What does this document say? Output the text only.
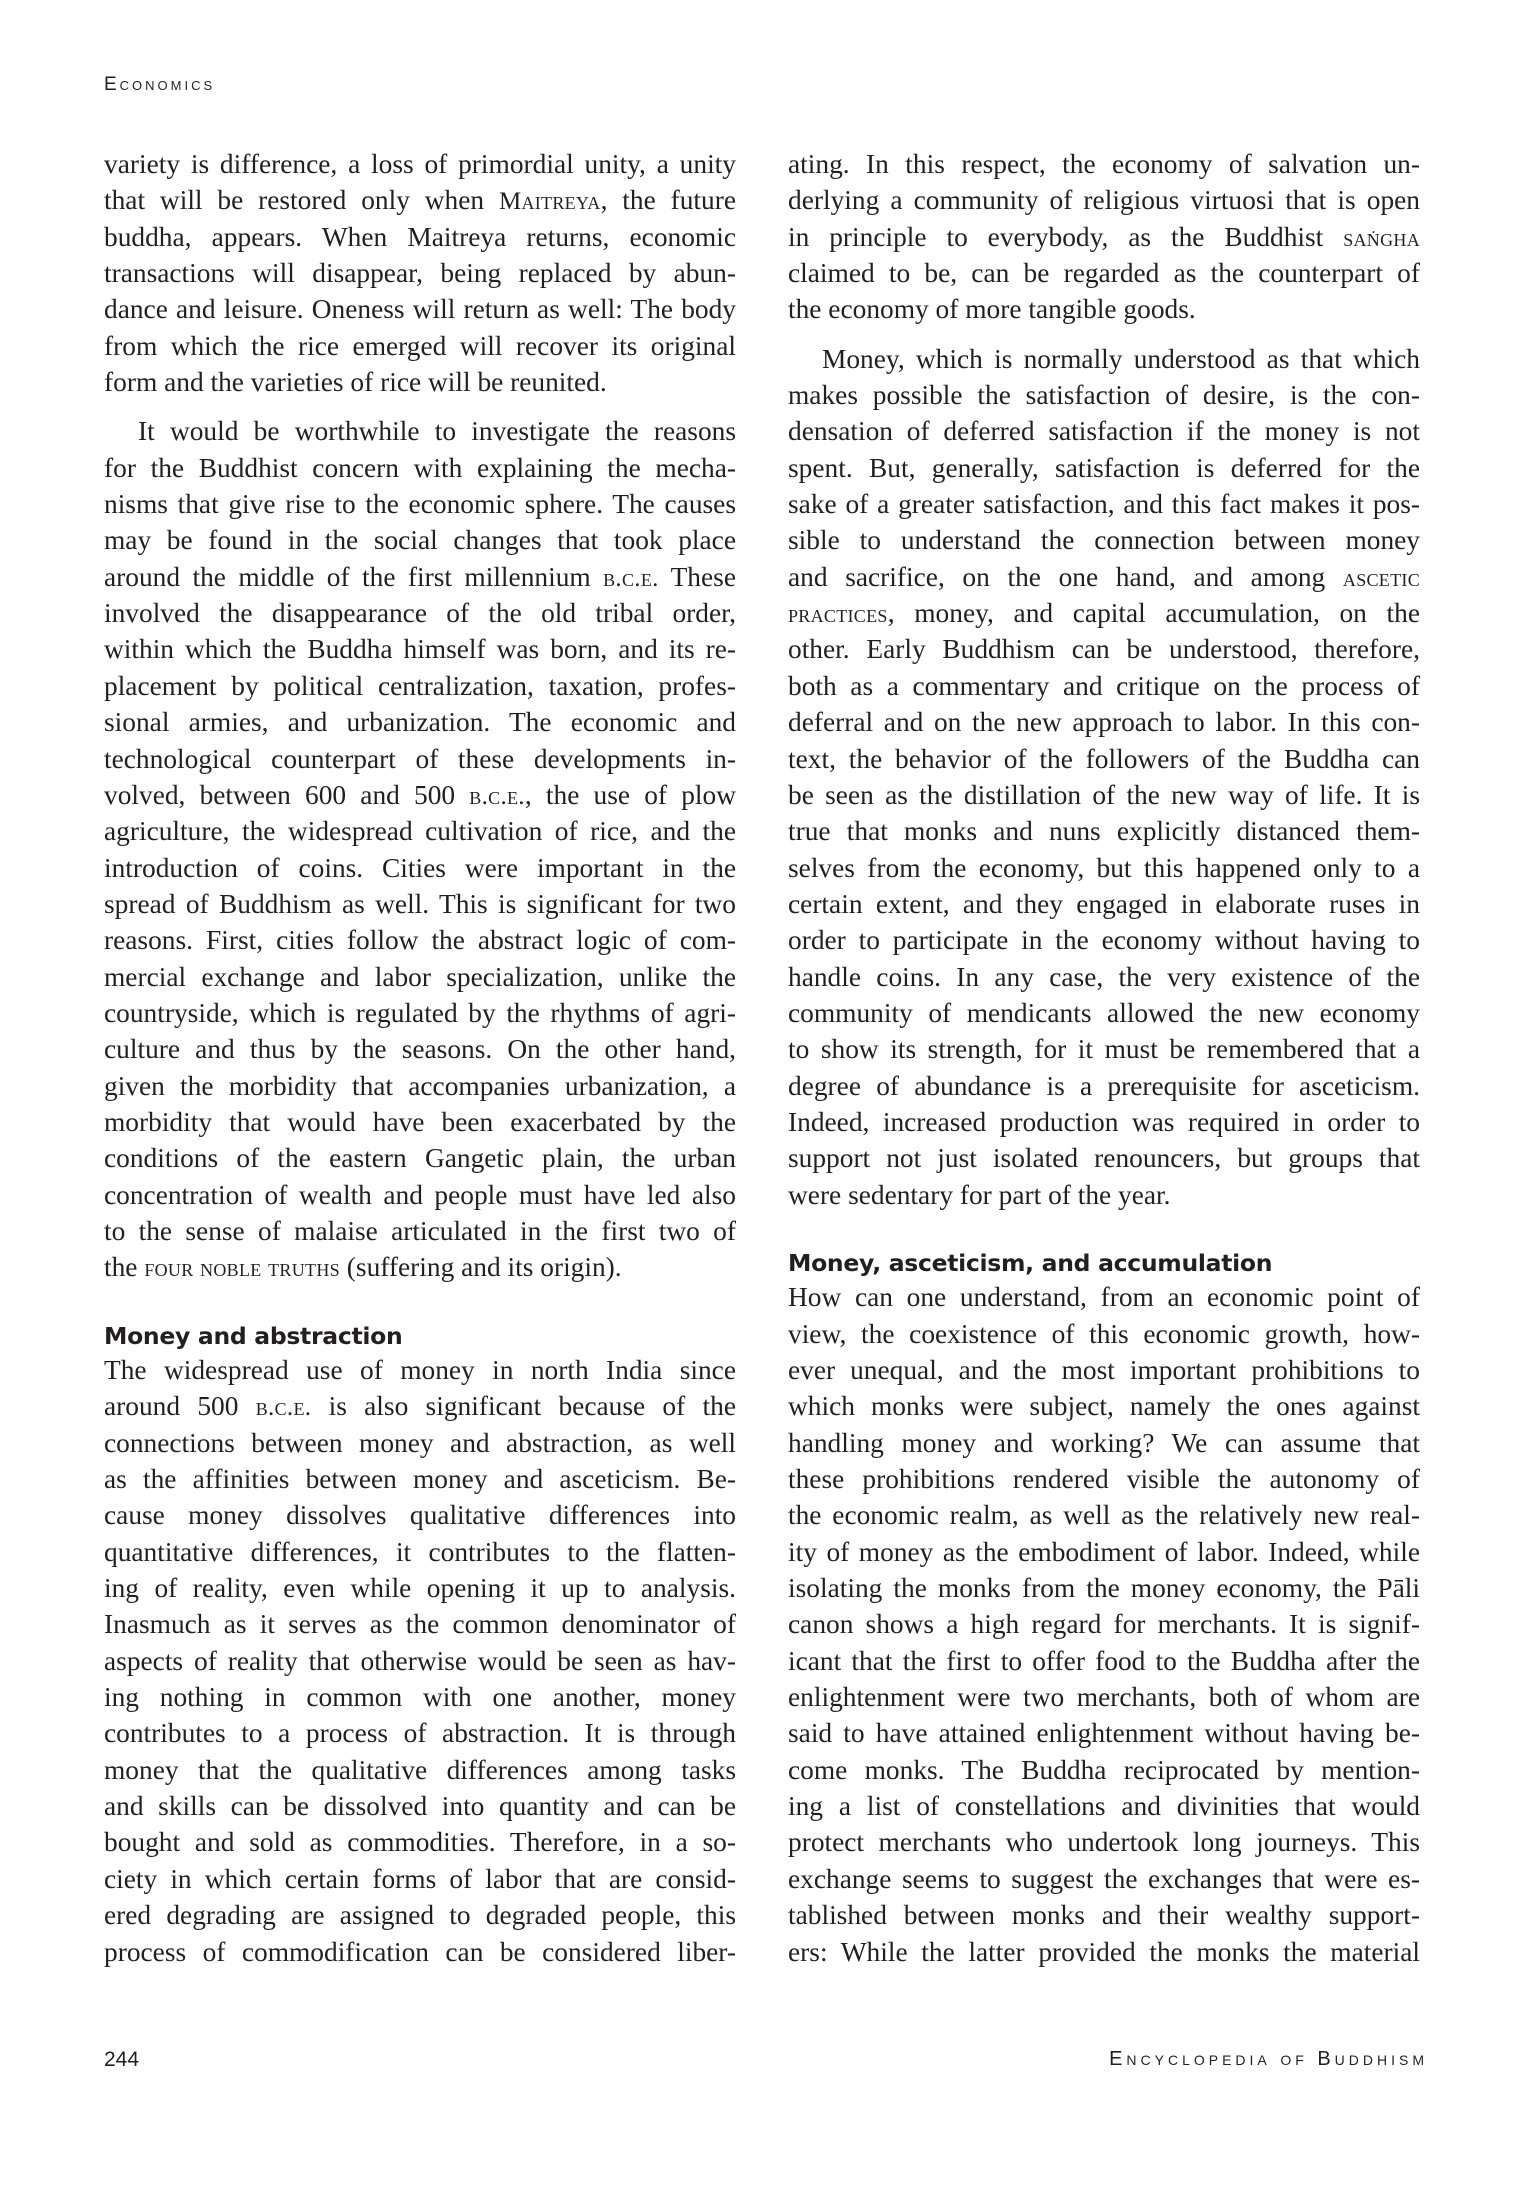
Economics
variety is difference, a loss of primordial unity, a unity
that will be restored only when Maitreya, the future
buddha, appears. When Maitreya returns, economic
transactions will disappear, being replaced by abun-
dance and leisure. Oneness will return as well: The body
from which the rice emerged will recover its original
form and the varieties of rice will be reunited.
It would be worthwhile to investigate the reasons
for the Buddhist concern with explaining the mecha-
nisms that give rise to the economic sphere. The causes
may be found in the social changes that took place
around the middle of the first millennium b.c.e. These
involved the disappearance of the old tribal order,
within which the Buddha himself was born, and its re-
placement by political centralization, taxation, profes-
sional armies, and urbanization. The economic and
technological counterpart of these developments in-
volved, between 600 and 500 b.c.e., the use of plow
agriculture, the widespread cultivation of rice, and the
introduction of coins. Cities were important in the
spread of Buddhism as well. This is significant for two
reasons. First, cities follow the abstract logic of com-
mercial exchange and labor specialization, unlike the
countryside, which is regulated by the rhythms of agri-
culture and thus by the seasons. On the other hand,
given the morbidity that accompanies urbanization, a
morbidity that would have been exacerbated by the
conditions of the eastern Gangetic plain, the urban
concentration of wealth and people must have led also
to the sense of malaise articulated in the first two of
the four noble truths (suffering and its origin).
Money and abstraction
The widespread use of money in north India since
around 500 b.c.e. is also significant because of the
connections between money and abstraction, as well
as the affinities between money and asceticism. Be-
cause money dissolves qualitative differences into
quantitative differences, it contributes to the flatten-
ing of reality, even while opening it up to analysis.
Inasmuch as it serves as the common denominator of
aspects of reality that otherwise would be seen as hav-
ing nothing in common with one another, money
contributes to a process of abstraction. It is through
money that the qualitative differences among tasks
and skills can be dissolved into quantity and can be
bought and sold as commodities. Therefore, in a so-
ciety in which certain forms of labor that are consid-
ered degrading are assigned to degraded people, this
process of commodification can be considered liber-
ating. In this respect, the economy of salvation un-
derlying a community of religious virtuosi that is open
in principle to everybody, as the Buddhist saṅgha
claimed to be, can be regarded as the counterpart of
the economy of more tangible goods.
Money, which is normally understood as that which
makes possible the satisfaction of desire, is the con-
densation of deferred satisfaction if the money is not
spent. But, generally, satisfaction is deferred for the
sake of a greater satisfaction, and this fact makes it pos-
sible to understand the connection between money
and sacrifice, on the one hand, and among ascetic
practices, money, and capital accumulation, on the
other. Early Buddhism can be understood, therefore,
both as a commentary and critique on the process of
deferral and on the new approach to labor. In this con-
text, the behavior of the followers of the Buddha can
be seen as the distillation of the new way of life. It is
true that monks and nuns explicitly distanced them-
selves from the economy, but this happened only to a
certain extent, and they engaged in elaborate ruses in
order to participate in the economy without having to
handle coins. In any case, the very existence of the
community of mendicants allowed the new economy
to show its strength, for it must be remembered that a
degree of abundance is a prerequisite for asceticism.
Indeed, increased production was required in order to
support not just isolated renouncers, but groups that
were sedentary for part of the year.
Money, asceticism, and accumulation
How can one understand, from an economic point of
view, the coexistence of this economic growth, how-
ever unequal, and the most important prohibitions to
which monks were subject, namely the ones against
handling money and working? We can assume that
these prohibitions rendered visible the autonomy of
the economic realm, as well as the relatively new real-
ity of money as the embodiment of labor. Indeed, while
isolating the monks from the money economy, the Pāli
canon shows a high regard for merchants. It is signif-
icant that the first to offer food to the Buddha after the
enlightenment were two merchants, both of whom are
said to have attained enlightenment without having be-
come monks. The Buddha reciprocated by mention-
ing a list of constellations and divinities that would
protect merchants who undertook long journeys. This
exchange seems to suggest the exchanges that were es-
tablished between monks and their wealthy support-
ers: While the latter provided the monks the material
244	Encyclopedia of Buddhism
